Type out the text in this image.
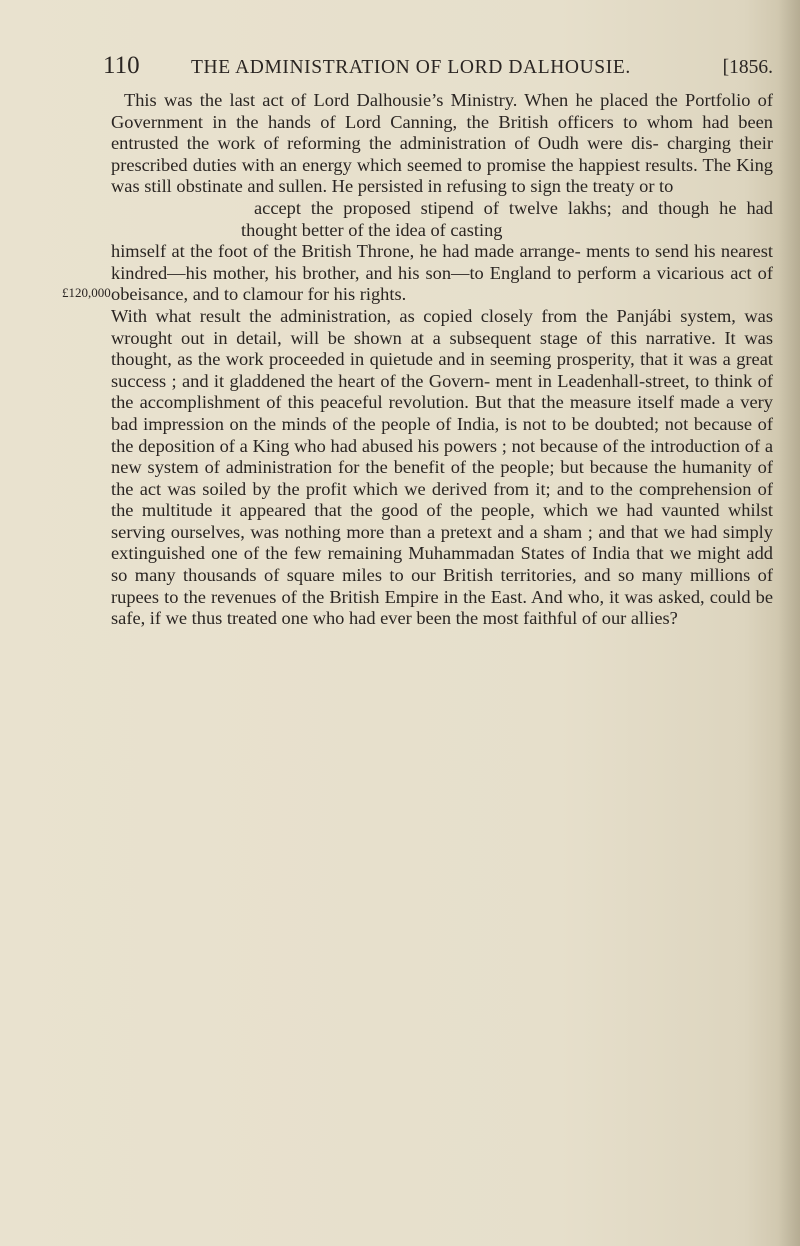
110	THE ADMINISTRATION OF LORD DALHOUSIE.	[1856.
£120,000.

This was the last act of Lord Dalhousie’s Ministry. When he placed the Portfolio of Government in the hands of Lord Canning, the British officers to whom had been entrusted the work of reforming the administration of Oudh were dis- charging their prescribed duties with an energy which seemed to promise the happiest results. The King was still obstinate and sullen. He persisted in refusing to sign the treaty or to
accept the proposed stipend of twelve lakhs; and though he had thought better of the idea of casting
himself at the foot of the British Throne, he had made arrange- ments to send his nearest kindred—his mother, his brother, and his son—to England to perform a vicarious act of obeisance, and to clamour for his rights.

With what result the administration, as copied closely from the Panjábi system, was wrought out in detail, will be shown at a subsequent stage of this narrative. It was thought, as the work proceeded in quietude and in seeming prosperity, that it was a great success ; and it gladdened the heart of the Govern- ment in Leadenhall-street, to think of the accomplishment of this peaceful revolution. But that the measure itself made a very bad impression on the minds of the people of India, is not to be doubted; not because of the deposition of a King who had abused his powers ; not because of the introduction of a new system of administration for the benefit of the people; but because the humanity of the act was soiled by the profit which we derived from it; and to the comprehension of the multitude it appeared that the good of the people, which we had vaunted whilst serving ourselves, was nothing more than a pretext and a sham ; and that we had simply extinguished one of the few remaining Muhammadan States of India that we might add so many thousands of square miles to our British territories, and so many millions of rupees to the revenues of the British Empire in the East. And who, it was asked, could be safe, if we thus treated one who had ever been the most faithful of our allies?
